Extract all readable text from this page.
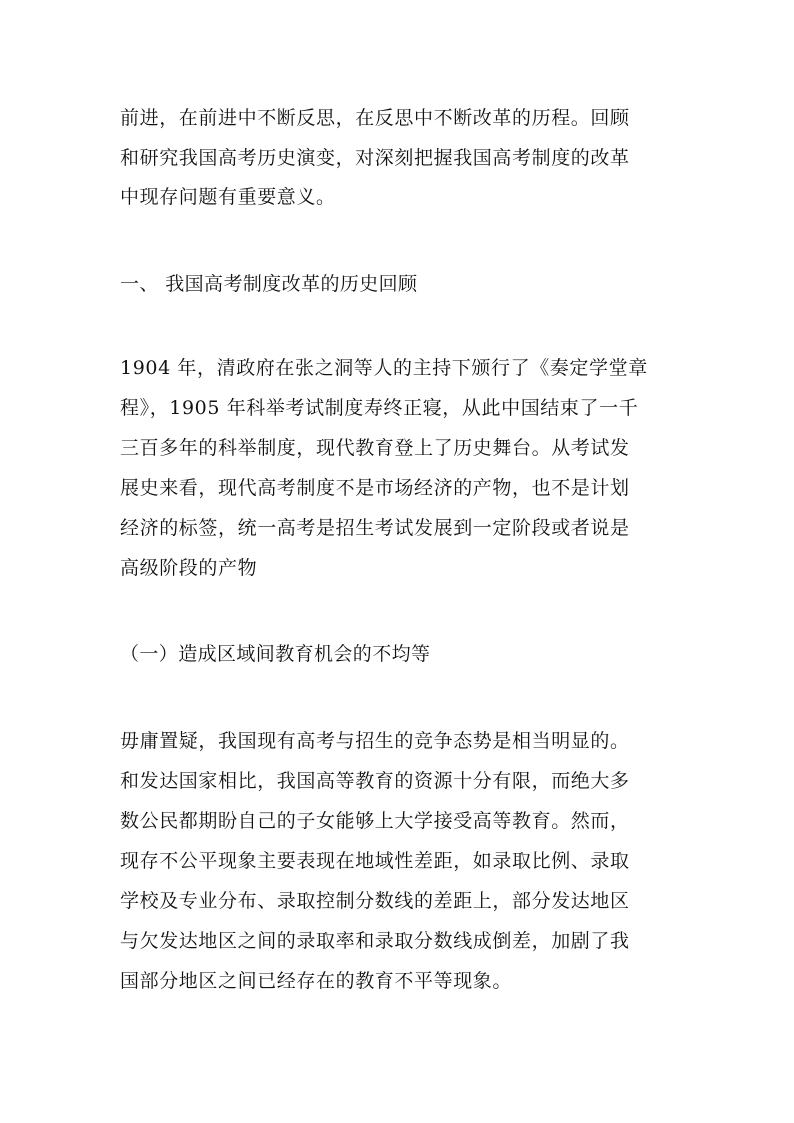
前进，在前进中不断反思，在反思中不断改革的历程。回顾
和研究我国高考历史演变，对深刻把握我国高考制度的改革
中现存问题有重要意义。
一、 我国高考制度改革的历史回顾
1904 年，清政府在张之洞等人的主持下颁行了《奏定学堂章
程》，1905 年科举考试制度寿终正寝，从此中国结束了一千
三百多年的科举制度，现代教育登上了历史舞台。从考试发
展史来看，现代高考制度不是市场经济的产物，也不是计划
经济的标签，统一高考是招生考试发展到一定阶段或者说是
高级阶段的产物
（一）造成区域间教育机会的不均等
毋庸置疑，我国现有高考与招生的竞争态势是相当明显的。
和发达国家相比，我国高等教育的资源十分有限，而绝大多
数公民都期盼自己的子女能够上大学接受高等教育。然而，
现存不公平现象主要表现在地域性差距，如录取比例、录取
学校及专业分布、录取控制分数线的差距上，部分发达地区
与欠发达地区之间的录取率和录取分数线成倒差，加剧了我
国部分地区之间已经存在的教育不平等现象。
